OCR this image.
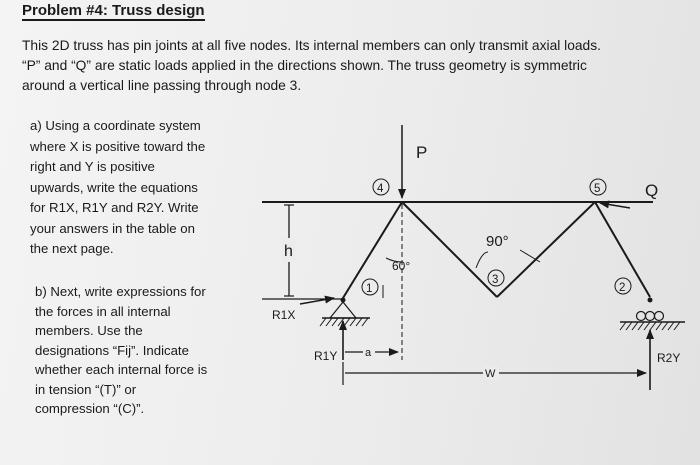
Problem #4: Truss design
This 2D truss has pin joints at all five nodes. Its internal members can only transmit axial loads.
“P” and “Q” are static loads applied in the directions shown. The truss geometry is symmetric
around a vertical line passing through node 3.
a) Using a coordinate system
where X is positive toward the
right and Y is positive
upwards, write the equations
for R1X, R1Y and R2Y. Write
your answers in the table on
the next page.
b) Next, write expressions for
the forces in all internal
members. Use the
designations “Fij”. Indicate
whether each internal force is
in tension “(T)” or
compression “(C)”.
P
Q
h
R1X
R1Y	R2Y
60°
90°
4	5
1
3
2
a
W
